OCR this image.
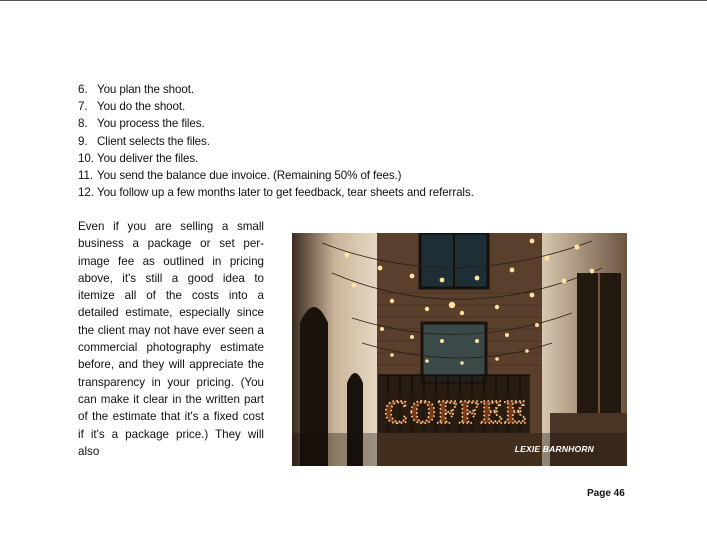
6. You plan the shoot.
7. You do the shoot.
8. You process the files.
9. Client selects the files.
10. You deliver the files.
11. You send the balance due invoice. (Remaining 50% of fees.)
12. You follow up a few months later to get feedback, tear sheets and referrals.

Even if you are selling a small business a package or set per-image fee as outlined in pricing above, it's still a good idea to itemize all of the costs into a detailed estimate, especially since the client may not have ever seen a commercial photography estimate before, and they will appreciate the transparency in your pricing. (You can make it clear in the written part of the estimate that it's a fixed cost if it's a package price.) They will also

COFFEE
LEXIE BARNHORN
Page 46
